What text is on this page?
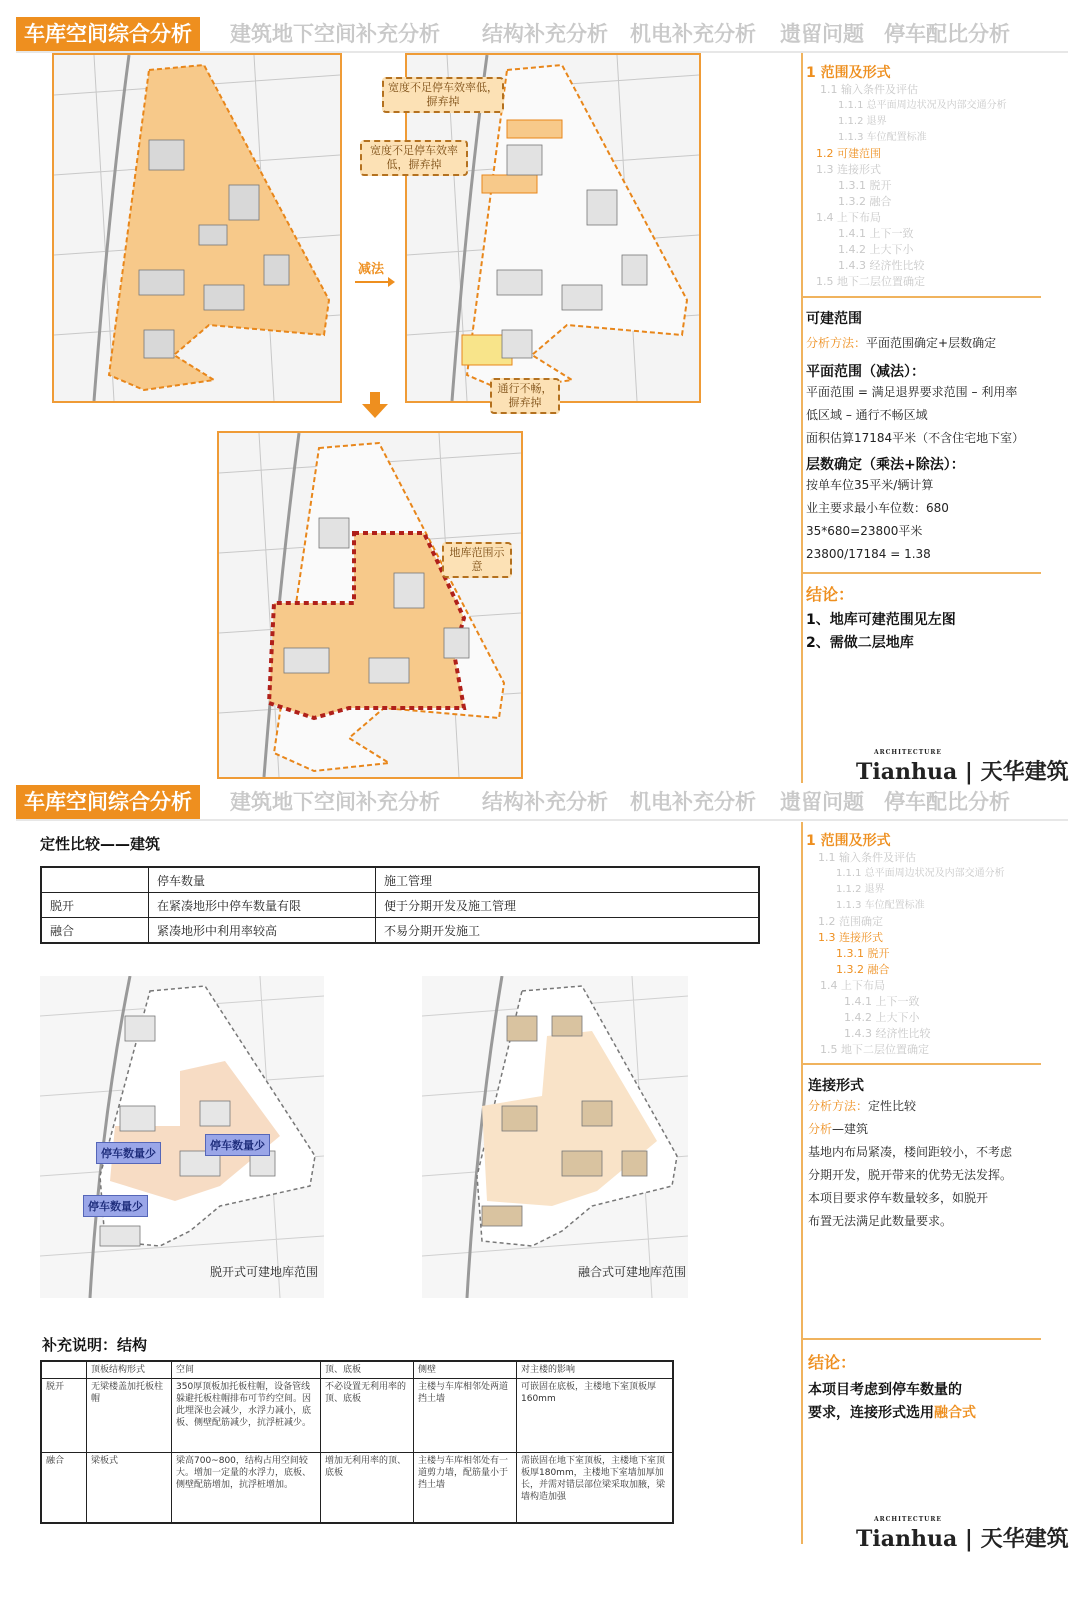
车库空间综合分析	建筑地下空间补充分析 结构补充分析 机电补充分析 遗留问题 停车配比分析
减法
宽度不足停车效率低，摒弃掉
宽度不足停车效率低，摒弃掉
通行不畅，摒弃掉
地库范围示意
1 范围及形式
1.1 输入条件及评估
1.1.1 总平面周边状况及内部交通分析
1.1.2 退界
1.1.3 车位配置标准
1.2 可建范围
1.3 连接形式
1.3.1 脱开
1.3.2 融合
1.4 上下布局
1.4.1 上下一致
1.4.2 上大下小
1.4.3 经济性比较
1.5 地下二层位置确定
可建范围
分析方法：平面范围确定+层数确定
平面范围（减法）：
平面范围 = 满足退界要求范围 – 利用率
低区域 – 通行不畅区域
面积估算17184平米（不含住宅地下室）
层数确定（乘法+除法）：
按单车位35平米/辆计算
业主要求最小车位数：680
35*680=23800平米
23800/17184 = 1.38
结论：
1、地库可建范围见左图
2、需做二层地库
ARCHITECTURE
Tianhua | 天华建筑
车库空间综合分析	建筑地下空间补充分析 结构补充分析 机电补充分析 遗留问题 停车配比分析
定性比较——建筑
	停车数量	施工管理
脱开	在紧凑地形中停车数量有限	便于分期开发及施工管理
融合	紧凑地形中利用率较高	不易分期开发施工
停车数量少
停车数量少
停车数量少
脱开式可建地库范围	融合式可建地库范围
补充说明：结构
	顶板结构形式	空间	顶、底板	侧壁	对主楼的影响
脱开	无梁楼盖加托板柱帽	350厚顶板加托板柱帽，设备管线躲避托板柱帽排布可节约空间。因此埋深也会减少，水浮力减小，底板、侧壁配筋减少，抗浮桩减少。	不必设置无利用率的顶、底板	主楼与车库相邻处两道挡土墙	可嵌固在底板，主楼地下室顶板厚160mm
融合	梁板式	梁高700~800，结构占用空间较大。增加一定量的水浮力，底板、侧壁配筋增加，抗浮桩增加。	增加无利用率的顶、底板	主楼与车库相邻处有一道剪力墙，配筋量小于挡土墙	需嵌固在地下室顶板，主楼地下室顶板厚180mm，主楼地下室墙加厚加长，并需对错层部位梁采取加腋，梁墙构造加强
1 范围及形式
1.1 输入条件及评估
1.1.1 总平面周边状况及内部交通分析
1.1.2 退界
1.1.3 车位配置标准
1.2 范围确定
1.3 连接形式
1.3.1 脱开
1.3.2 融合
1.4 上下布局
1.4.1 上下一致
1.4.2 上大下小
1.4.3 经济性比较
1.5 地下二层位置确定
连接形式
分析方法：定性比较
分析—建筑
基地内布局紧凑，楼间距较小，不考虑
分期开发，脱开带来的优势无法发挥。
本项目要求停车数量较多，如脱开
布置无法满足此数量要求。
结论：
本项目考虑到停车数量的
要求，连接形式选用融合式
ARCHITECTURE
Tianhua | 天华建筑
